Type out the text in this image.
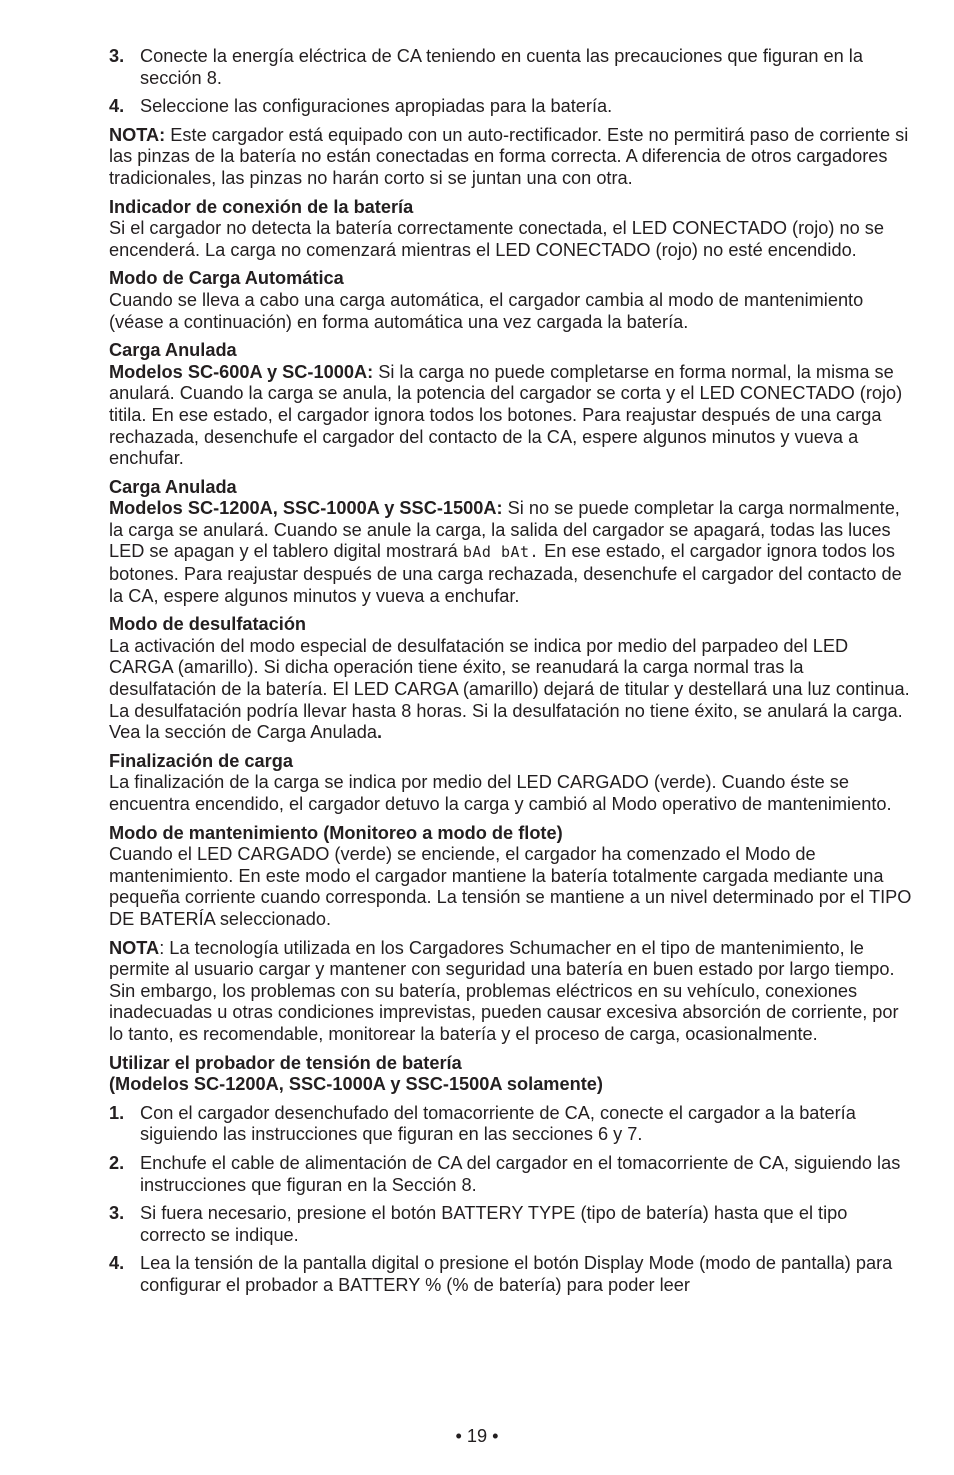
3. Conecte la energía eléctrica de CA teniendo en cuenta las precauciones que figuran en la sección 8.
4. Seleccione las configuraciones apropiadas para la batería.

NOTA: Este cargador está equipado con un auto-rectificador. Este no permitirá paso de corriente si las pinzas de la batería no están conectadas en forma correcta. A diferencia de otros cargadores tradicionales, las pinzas no harán corto si se juntan una con otra.

Indicador de conexión de la batería
Si el cargador no detecta la batería correctamente conectada, el LED CONECTADO (rojo) no se encenderá. La carga no comenzará mientras el LED CONECTADO (rojo) no esté encendido.

Modo de Carga Automática
Cuando se lleva a cabo una carga automática, el cargador cambia al modo de mantenimiento (véase a continuación) en forma automática una vez cargada la batería.

Carga Anulada
Modelos SC-600A y SC-1000A: Si la carga no puede completarse en forma normal, la misma se anulará. Cuando la carga se anula, la potencia del cargador se corta y el LED CONECTADO (rojo) titila. En ese estado, el cargador ignora todos los botones. Para reajustar después de una carga rechazada, desenchufe el cargador del contacto de la CA, espere algunos minutos y vueva a enchufar.

Carga Anulada
Modelos SC-1200A, SSC-1000A y SSC-1500A: Si no se puede completar la carga normalmente, la carga se anulará. Cuando se anule la carga, la salida del cargador se apagará, todas las luces LED se apagan y el tablero digital mostrará bAd bAt. En ese estado, el cargador ignora todos los botones. Para reajustar después de una carga rechazada, desenchufe el cargador del contacto de la CA, espere algunos minutos y vueva a enchufar.

Modo de desulfatación
La activación del modo especial de desulfatación se indica por medio del parpadeo del LED CARGA (amarillo). Si dicha operación tiene éxito, se reanudará la carga normal tras la desulfatación de la batería. El LED CARGA (amarillo) dejará de titular y destellará una luz continua. La desulfatación podría llevar hasta 8 horas. Si la desulfatación no tiene éxito, se anulará la carga. Vea la sección de Carga Anulada.

Finalización de carga
La finalización de la carga se indica por medio del LED CARGADO (verde). Cuando éste se encuentra encendido, el cargador detuvo la carga y cambió al Modo operativo de mantenimiento.

Modo de mantenimiento (Monitoreo a modo de flote)
Cuando el LED CARGADO (verde) se enciende, el cargador ha comenzado el Modo de mantenimiento. En este modo el cargador mantiene la batería totalmente cargada mediante una pequeña corriente cuando corresponda. La tensión se mantiene a un nivel determinado por el TIPO DE BATERÍA seleccionado.

NOTA: La tecnología utilizada en los Cargadores Schumacher en el tipo de mantenimiento, le permite al usuario cargar y mantener con seguridad una batería en buen estado por largo tiempo. Sin embargo, los problemas con su batería, problemas eléctricos en su vehículo, conexiones inadecuadas u otras condiciones imprevistas, pueden causar excesiva absorción de corriente, por lo tanto, es recomendable, monitorear la batería y el proceso de carga, ocasionalmente.

Utilizar el probador de tensión de batería
(Modelos SC-1200A, SSC-1000A y SSC-1500A solamente)

1. Con el cargador desenchufado del tomacorriente de CA, conecte el cargador a la batería siguiendo las instrucciones que figuran en las secciones 6 y 7.
2. Enchufe el cable de alimentación de CA del cargador en el tomacorriente de CA, siguiendo las instrucciones que figuran en la Sección 8.
3. Si fuera necesario, presione el botón BATTERY TYPE (tipo de batería) hasta que el tipo correcto se indique.
4. Lea la tensión de la pantalla digital o presione el botón Display Mode (modo de pantalla) para configurar el probador a BATTERY % (% de batería) para poder leer
• 19 •
